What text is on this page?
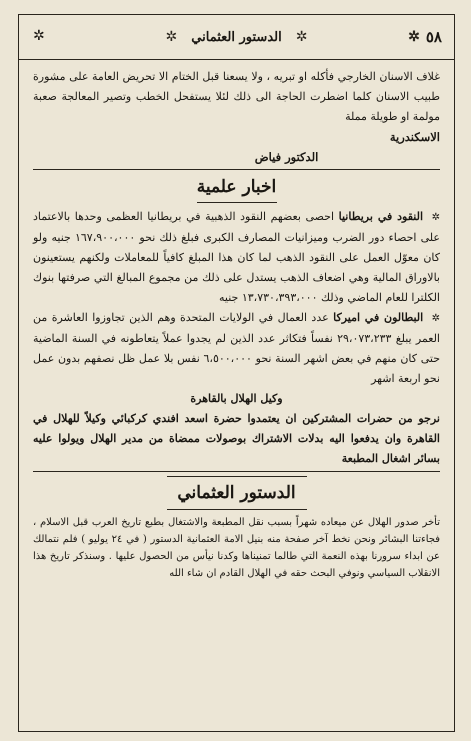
٥٨
✲
✲
الدستور العثماني
✲
✲

غلاف الاسنان الخارجي فأكله او تبريه ، ولا يسعنا قبل الختام الا تحريض العامة على مشورة طبيب الاسنان كلما اضطرت الحاجة الى ذلك لئلا يستفحل الخطب وتصير المعالجة صعبة مولمة او طويلة مملة

الاسكندرية
الدكتور فياض
اخبار علمية

✲ النقود في بريطانيا احصى بعضهم النقود الذهبية في بريطانيا العظمى وحدها بالاعتماد على احصاء دور الضرب وميزانيات المصارف الكبرى فبلغ ذلك نحو ١٦٧،٩٠٠،٠٠٠ جنيه ولو كان معوّل العمل على النقود الذهب لما كان هذا المبلغ كافياً للمعاملات ولكنهم يستعينون بالاوراق المالية وهي اضعاف الذهب يستدل على ذلك من مجموع المبالغ التي صرفتها بنوك الكلترا للعام الماضي وذلك ١٣،٧٣٠،٣٩٣،٠٠٠ جنيه

✲ البطالون في اميركا عدد العمال في الولايات المتحدة وهم الذين تجاوزوا العاشرة من العمر يبلغ ٢٩،٠٧٣،٢٣٣ نفساً فتكاثر عدد الذين لم يجدوا عملاً يتعاطونه في السنة الماضية حتى كان منهم في بعض اشهر السنة نحو ٦،٥٠٠،٠٠٠ نفس بلا عمل ظل نصفهم بدون عمل نحو اربعة اشهر

وكيل الهلال بالقاهرة

نرجو من حضرات المشتركين ان يعتمدوا حضرة اسعد افندي كركبائي وكيلاً للهلال في القاهرة وان يدفعوا اليه بدلات الاشتراك بوصولات ممضاة من مدير الهلال ويولوا عليه بسائر اشغال المطبعة

الدستور العثماني

تأخر صدور الهلال عن ميعاده شهراً بسبب نقل المطبعة والاشتغال بطبع تاريخ العرب قبل الاسلام ، فجاءتنا البشائر ونحن نخط آخر صفحة منه بنيل الامة العثمانية الدستور ( في ٢٤ يوليو ) فلم نتمالك عن ابداء سرورنا بهذه النعمة التي طالما تمنيناها وكدنا نيأس من الحصول عليها . وسنذكر تاريخ هذا الانقلاب السياسي ونوفي البحث حقه في الهلال القادم ان شاء الله
